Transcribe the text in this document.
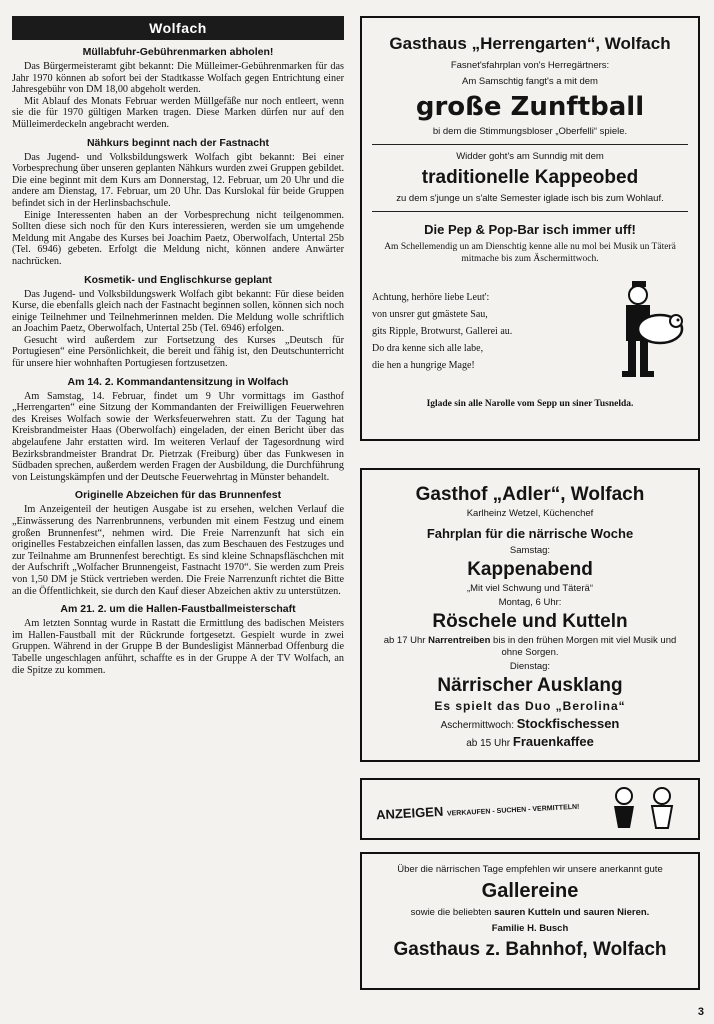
Wolfach
Müllabfuhr-Gebührenmarken abholen!

Das Bürgermeisteramt gibt bekannt: Die Mülleimer-Gebührenmarken für das Jahr 1970 können ab sofort bei der Stadtkasse Wolfach gegen Entrichtung einer Jahresgebühr von DM 18,00 abgeholt werden.

Mit Ablauf des Monats Februar werden Müllgefäße nur noch entleert, wenn sie die für 1970 gültigen Marken tragen. Diese Marken dürfen nur auf den Mülleimerdeckeln angebracht werden.

Nähkurs beginnt nach der Fastnacht

Das Jugend- und Volksbildungswerk Wolfach gibt bekannt: Bei einer Vorbesprechung über unseren geplanten Nähkurs wurden zwei Gruppen gebildet. Die eine beginnt mit dem Kurs am Donnerstag, 12. Februar, um 20 Uhr und die andere am Dienstag, 17. Februar, um 20 Uhr. Das Kurslokal für beide Gruppen befindet sich in der Herlinsbachschule.

Einige Interessenten haben an der Vorbesprechung nicht teilgenommen. Sollten diese sich noch für den Kurs interessieren, werden sie um umgehende Meldung mit Angabe des Kurses bei Joachim Paetz, Oberwolfach, Untertal 25b (Tel. 6946) gebeten. Erfolgt die Meldung nicht, können andere Anwärter nachrücken.

Kosmetik- und Englischkurse geplant

Das Jugend- und Volksbildungswerk Wolfach gibt bekannt: Für diese beiden Kurse, die ebenfalls gleich nach der Fastnacht beginnen sollen, können sich noch einige Teilnehmer und Teilnehmerinnen melden. Die Meldung wolle schriftlich an Joachim Paetz, Oberwolfach, Untertal 25b (Tel. 6946) erfolgen.

Gesucht wird außerdem zur Fortsetzung des Kurses „Deutsch für Portugiesen“ eine Persönlichkeit, die bereit und fähig ist, den Deutschunterricht für unsere hier wohnhaften Portugiesen fortzusetzen.

Am 14. 2. Kommandantensitzung in Wolfach

Am Samstag, 14. Februar, findet um 9 Uhr vormittags im Gasthof „Herrengarten“ eine Sitzung der Kommandanten der Freiwilligen Feuerwehren des Kreises Wolfach sowie der Werksfeuerwehren statt. Zu der Tagung hat Kreisbrandmeister Haas (Oberwolfach) eingeladen, der einen Bericht über das abgelaufene Jahr erstatten wird. Im weiteren Verlauf der Tagesordnung wird Bezirksbrandmeister Brandrat Dr. Pietrzak (Freiburg) über das Funkwesen in Südbaden sprechen, außerdem werden Fragen der Ausbildung, die Durchführung von Leistungskämpfen und der Deutsche Feuerwehrtag in Münster behandelt.

Originelle Abzeichen für das Brunnenfest

Im Anzeigenteil der heutigen Ausgabe ist zu ersehen, welchen Verlauf die „Einwässerung des Narrenbrunnens, verbunden mit einem Festzug und einem großen Brunnenfest“, nehmen wird. Die Freie Narrenzunft hat sich ein originelles Festabzeichen einfallen lassen, das zum Beschauen des Festzuges und zur Teilnahme am Brunnenfest berechtigt. Es sind kleine Schnapsfläschchen mit der Aufschrift „Wolfacher Brunnengeist, Fastnacht 1970“. Sie werden zum Preis von 1,50 DM je Stück vertrieben werden. Die Freie Narrenzunft richtet die Bitte an die Öffentlichkeit, sie durch den Kauf dieser Abzeichen aktiv zu unterstützen.

Am 21. 2. um die Hallen-Faustballmeisterschaft

Am letzten Sonntag wurde in Rastatt die Ermittlung des badischen Meisters im Hallen-Faustball mit der Rückrunde fortgesetzt. Gespielt wurde in zwei Gruppen. Während in der Gruppe B der Bundesligist Männerbad Offenburg die Tabelle ungeschlagen anführt, schaffte es in der Gruppe A der TV Wolfach, an die Spitze zu kommen.

Gasthaus „Herrengarten“, Wolfach
Fasnet'sfahrplan von's Herregärtners:
Am Samschtig fangt's a mit dem
große Zunftball
bi dem die Stimmungsbloser „Oberfelli“ spiele.
Widder goht's am Sunndig mit dem
traditionelle Kappeobed
zu dem s'junge un s'alte Semester iglade isch bis zum Wohlauf.
Die Pep & Pop-Bar isch immer uff!
Am Schellemendig un am Dienschtig kenne alle nu mol bei Musik un Täterä mitmache bis zum Äschermittwoch.
Achtung, herhöre liebe Leut':
von unsrer gut gmästete Sau,
gits Ripple, Brotwurst, Gallerei au.
Do dra kenne sich alle labe,
die hen a hungrige Mage!
Iglade sin alle Narolle vom Sepp un siner Tusnelda.
Gasthof „Adler“, Wolfach
Karlheinz Wetzel, Küchenchef
Fahrplan für die närrische Woche
Samstag:
Kappenabend
„Mit viel Schwung und Täterä“
Montag, 6 Uhr:
Röschele und Kutteln
ab 17 Uhr Narrentreiben bis in den frühen Morgen mit viel Musik und ohne Sorgen.
Dienstag:
Närrischer Ausklang
Es spielt das Duo „Berolina“
Aschermittwoch: Stockfischessen
ab 15 Uhr Frauenkaffee
ANZEIGEN VERKAUFEN - SUCHEN - VERMITTELN!
Über die närrischen Tage empfehlen wir unsere anerkannt gute
Gallereine
sowie die beliebten sauren Kutteln und sauren Nieren.
Familie H. Busch
Gasthaus z. Bahnhof, Wolfach
3
